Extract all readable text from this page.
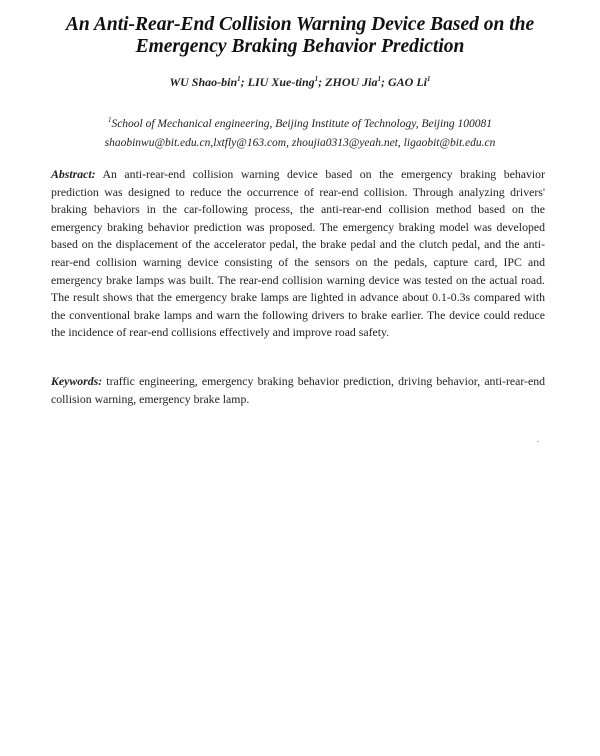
An Anti-Rear-End Collision Warning Device Based on the
Emergency Braking Behavior Prediction
WU Shao-bin$^1$; LIU Xue-ting$^1$; ZHOU Jia$^1$; GAO Li$^1$
$^1$School of Mechanical engineering, Beijing Institute of Technology, Beijing 100081
shaobinwu@bit.edu.cn,lxtfly@163.com, zhoujia0313@yeah.net, ligaobit@bit.edu.cn

Abstract: An anti-rear-end collision warning device based on the emergency braking behavior prediction was designed to reduce the occurrence of rear-end collision. Through analyzing drivers' braking behaviors in the car-following process, the anti-rear-end collision method based on the emergency braking behavior prediction was proposed. The emergency braking model was developed based on the displacement of the accelerator pedal, the brake pedal and the clutch pedal, and the anti-rear-end collision warning device consisting of the sensors on the pedals, capture card, IPC and emergency brake lamps was built. The rear-end collision warning device was tested on the actual road. The result shows that the emergency brake lamps are lighted in advance about 0.1-0.3s compared with the conventional brake lamps and warn the following drivers to brake earlier. The device could reduce the incidence of rear-end collisions effectively and improve road safety.

Keywords: traffic engineering, emergency braking behavior prediction, driving behavior, anti-rear-end collision warning, emergency brake lamp.
